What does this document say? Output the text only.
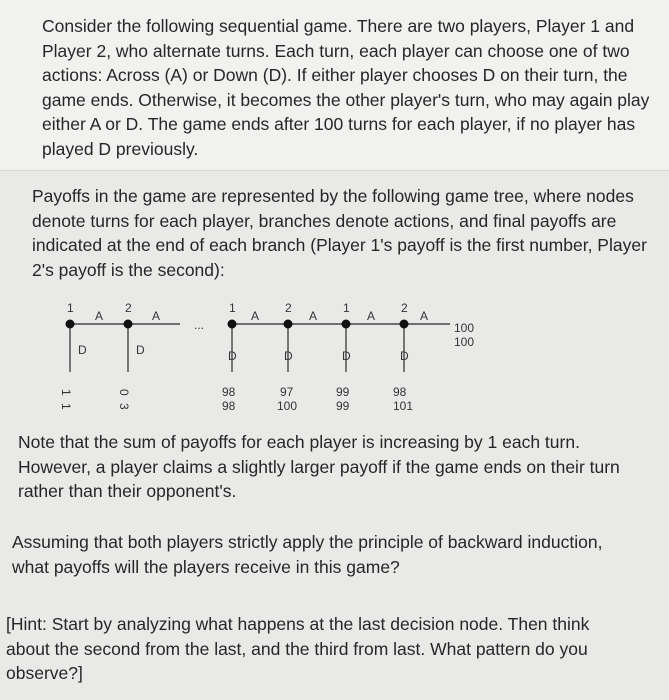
Consider the following sequential game. There are two players, Player 1 and
Player 2, who alternate turns. Each turn, each player can choose one of two
actions: Across (A) or Down (D). If either player chooses D on their turn, the
game ends. Otherwise, it becomes the other player's turn, who may again play
either A or D. The game ends after 100 turns for each player, if no player has
played D previously.

Payoffs in the game are represented by the following game tree, where nodes
denote turns for each player, branches denote actions, and final payoffs are
indicated at the end of each branch (Player 1's payoff is the first number, Player
2's payoff is the second):

1	2	1	2	1	2
A	A	A	A	A	A
...
D	D	D	D	D	D
100
100
1
1
0
3
98
98
97
100
99
99
98
101

Note that the sum of payoffs for each player is increasing by 1 each turn.
However, a player claims a slightly larger payoff if the game ends on their turn
rather than their opponent's.

Assuming that both players strictly apply the principle of backward induction,
what payoffs will the players receive in this game?

[Hint: Start by analyzing what happens at the last decision node. Then think
about the second from the last, and the third from last. What pattern do you
observe?]
